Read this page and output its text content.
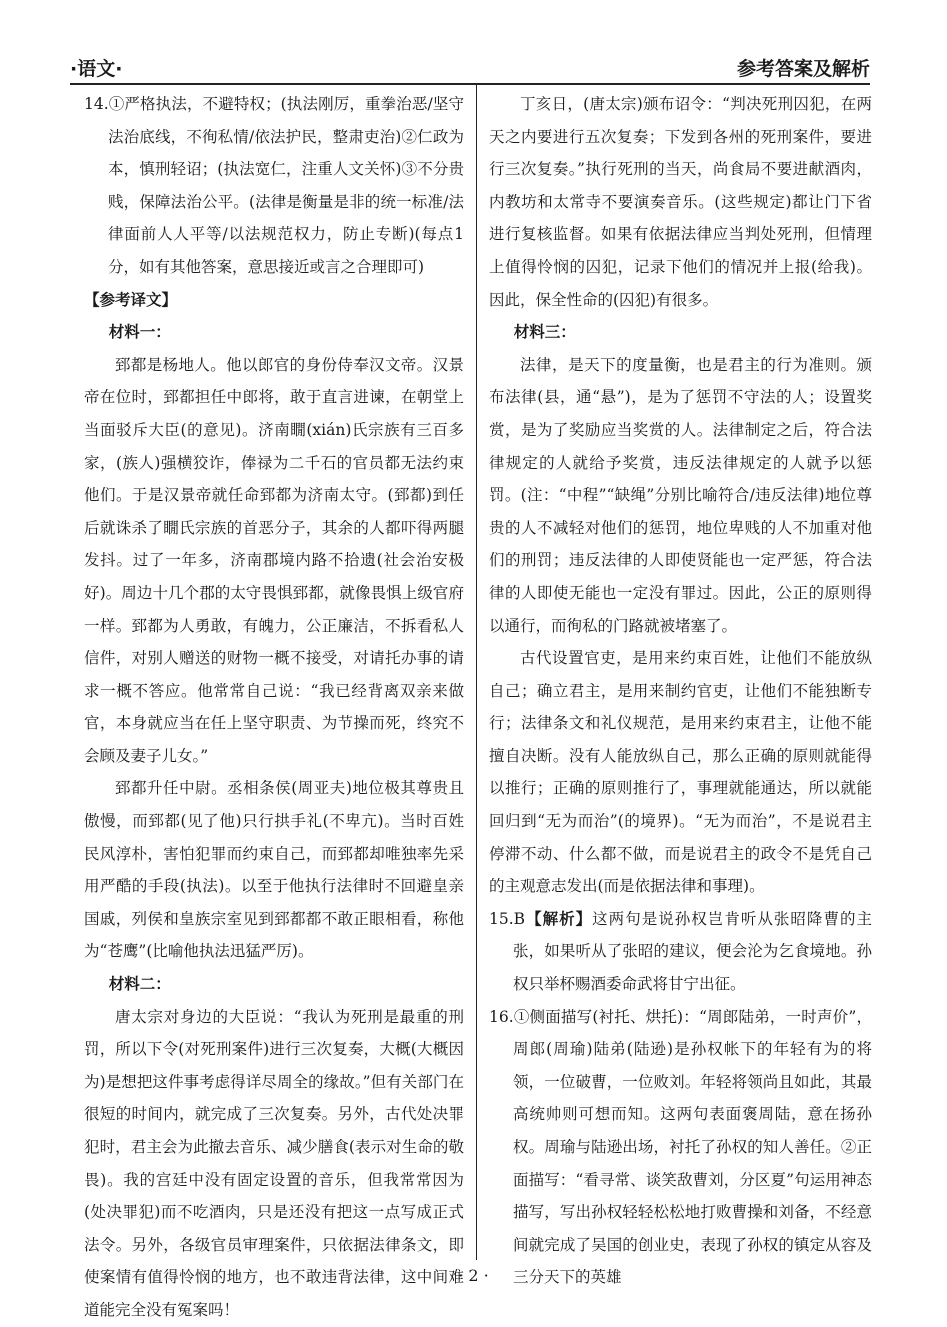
·语文·	参考答案及解析

14.①严格执法，不避特权；(执法刚厉，重拳治恶/坚守法治底线，不徇私情/依法护民，整肃吏治)②仁政为本，慎刑轻诏；(执法宽仁，注重人文关怀)③不分贵贱，保障法治公平。(法律是衡量是非的统一标准/法律面前人人平等/以法规范权力，防止专断)(每点1分，如有其他答案，意思接近或言之合理即可)

【参考译文】

材料一：

郅都是杨地人。他以郎官的身份侍奉汉文帝。汉景帝在位时，郅都担任中郎将，敢于直言进谏，在朝堂上当面驳斥大臣(的意见)。济南瞯(xián)氏宗族有三百多家，(族人)强横狡诈，俸禄为二千石的官员都无法约束他们。于是汉景帝就任命郅都为济南太守。(郅都)到任后就诛杀了瞯氏宗族的首恶分子，其余的人都吓得两腿发抖。过了一年多，济南郡境内路不拾遗(社会治安极好)。周边十几个郡的太守畏惧郅都，就像畏惧上级官府一样。郅都为人勇敢，有魄力，公正廉洁，不拆看私人信件，对别人赠送的财物一概不接受，对请托办事的请求一概不答应。他常常自己说：“我已经背离双亲来做官，本身就应当在任上坚守职责、为节操而死，终究不会顾及妻子儿女。”

郅都升任中尉。丞相条侯(周亚夫)地位极其尊贵且傲慢，而郅都(见了他)只行拱手礼(不卑亢)。当时百姓民风淳朴，害怕犯罪而约束自己，而郅都却唯独率先采用严酷的手段(执法)。以至于他执行法律时不回避皇亲国戚，列侯和皇族宗室见到郅都都不敢正眼相看，称他为“苍鹰”(比喻他执法迅猛严厉)。

材料二：

唐太宗对身边的大臣说：“我认为死刑是最重的刑罚，所以下令(对死刑案件)进行三次复奏，大概(大概因为)是想把这件事考虑得详尽周全的缘故。”但有关部门在很短的时间内，就完成了三次复奏。另外，古代处决罪犯时，君主会为此撤去音乐、减少膳食(表示对生命的敬畏)。我的宫廷中没有固定设置的音乐，但我常常因为(处决罪犯)而不吃酒肉，只是还没有把这一点写成正式法令。另外，各级官员审理案件，只依据法律条文，即使案情有值得怜悯的地方，也不敢违背法律，这中间难道能完全没有冤案吗！

丁亥日，(唐太宗)颁布诏令：“判决死刑囚犯，在两天之内要进行五次复奏；下发到各州的死刑案件，要进行三次复奏。”执行死刑的当天，尚食局不要进献酒肉，内教坊和太常寺不要演奏音乐。(这些规定)都让门下省进行复核监督。如果有依据法律应当判处死刑，但情理上值得怜悯的囚犯，记录下他们的情况并上报(给我)。因此，保全性命的(囚犯)有很多。

材料三：

法律，是天下的度量衡，也是君主的行为准则。颁布法律(县，通“悬”)，是为了惩罚不守法的人；设置奖赏，是为了奖励应当奖赏的人。法律制定之后，符合法律规定的人就给予奖赏，违反法律规定的人就予以惩罚。(注：“中程”“缺绳”分别比喻符合/违反法律)地位尊贵的人不减轻对他们的惩罚，地位卑贱的人不加重对他们的刑罚；违反法律的人即使贤能也一定严惩，符合法律的人即使无能也一定没有罪过。因此，公正的原则得以通行，而徇私的门路就被堵塞了。

古代设置官吏，是用来约束百姓，让他们不能放纵自己；确立君主，是用来制约官吏，让他们不能独断专行；法律条文和礼仪规范，是用来约束君主，让他不能擅自决断。没有人能放纵自己，那么正确的原则就能得以推行；正确的原则推行了，事理就能通达，所以就能回归到“无为而治”(的境界)。“无为而治”，不是说君主停滞不动、什么都不做，而是说君主的政令不是凭自己的主观意志发出(而是依据法律和事理)。

15.B【解析】这两句是说孙权岂肯听从张昭降曹的主张，如果听从了张昭的建议，便会沦为乞食境地。孙权只举杯赐酒委命武将甘宁出征。

16.①侧面描写(衬托、烘托)：“周郎陆弟，一时声价”，周郎(周瑜)陆弟(陆逊)是孙权帐下的年轻有为的将领，一位破曹，一位败刘。年轻将领尚且如此，其最高统帅则可想而知。这两句表面褒周陆，意在扬孙权。周瑜与陆逊出场，衬托了孙权的知人善任。②正面描写：“看寻常、谈笑敌曹刘，分区夏”句运用神态描写，写出孙权轻轻松松地打败曹操和刘备，不经意间就完成了吴国的创业史，表现了孙权的镇定从容及三分天下的英雄

· 2 ·
